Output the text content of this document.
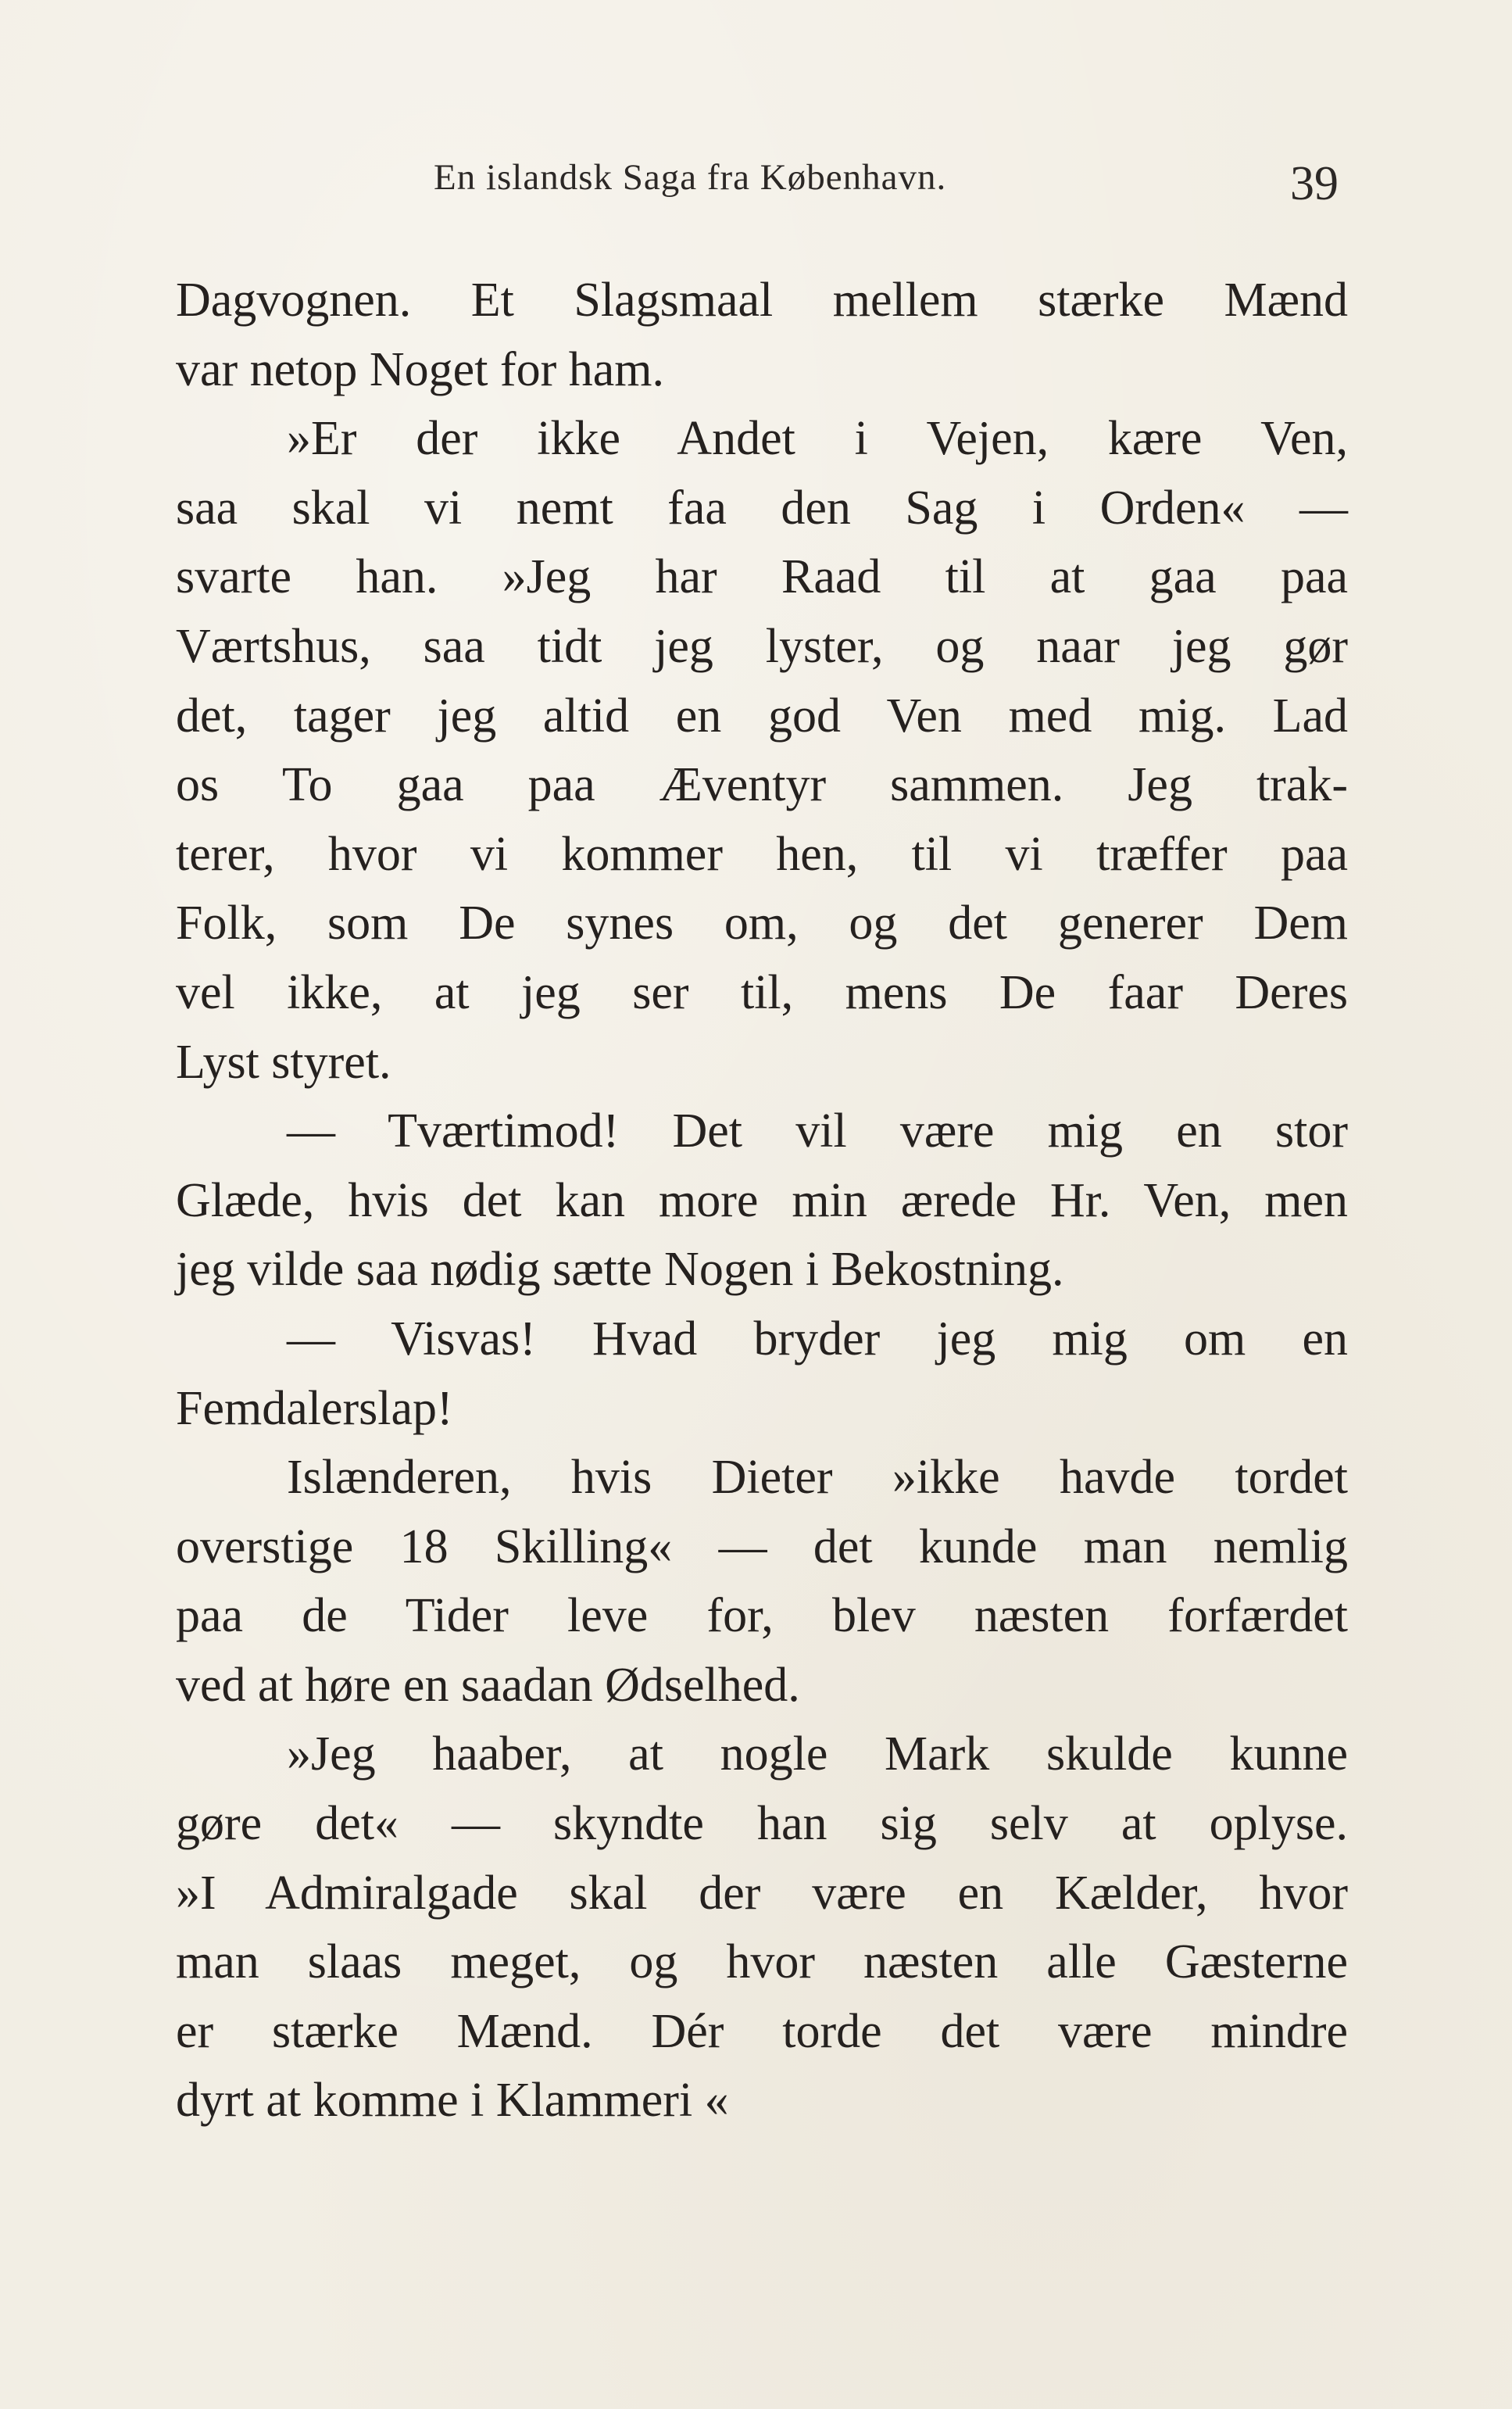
En islandsk Saga fra København.	39
Dagvognen. Et Slagsmaal mellem stærke Mænd
var netop Noget for ham.
»Er der ikke Andet i Vejen, kære Ven,
saa skal vi nemt faa den Sag i Orden« —
svarte han. »Jeg har Raad til at gaa paa
Værtshus, saa tidt jeg lyster, og naar jeg gør
det, tager jeg altid en god Ven med mig. Lad
os To gaa paa Æventyr sammen. Jeg trak-
terer, hvor vi kommer hen, til vi træffer paa
Folk, som De synes om, og det generer Dem
vel ikke, at jeg ser til, mens De faar Deres
Lyst styret.
— Tværtimod! Det vil være mig en stor
Glæde, hvis det kan more min ærede Hr. Ven, men
jeg vilde saa nødig sætte Nogen i Bekostning.
— Visvas! Hvad bryder jeg mig om en
Femdalerslap!
Islænderen, hvis Dieter »ikke havde tordet
overstige 18 Skilling« — det kunde man nemlig
paa de Tider leve for, blev næsten forfærdet
ved at høre en saadan Ødselhed.
»Jeg haaber, at nogle Mark skulde kunne
gøre det« — skyndte han sig selv at oplyse.
»I Admiralgade skal der være en Kælder, hvor
man slaas meget, og hvor næsten alle Gæsterne
er stærke Mænd. Dér torde det være mindre
dyrt at komme i Klammeri «
